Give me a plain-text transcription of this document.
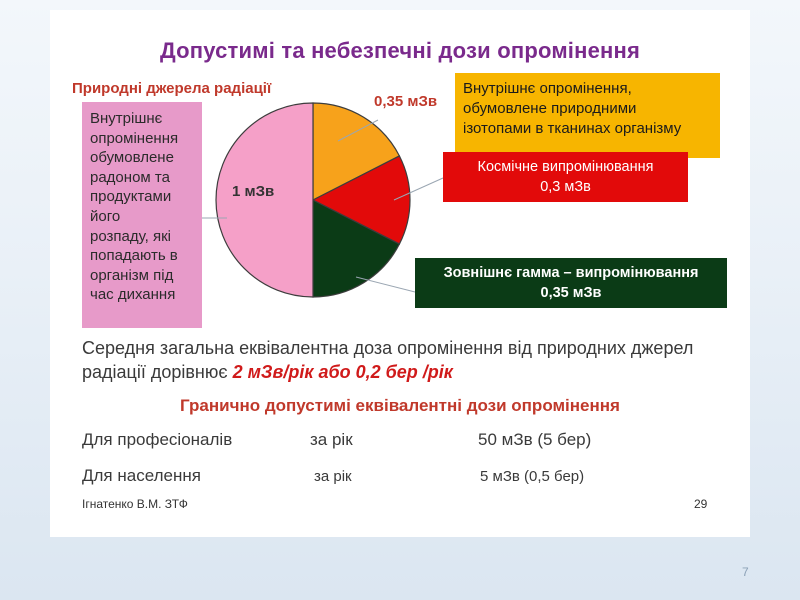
Допустимі та небезпечні дози опромінення
Природні джерела радіації
Внутрішнє
опромінення
обумовлене
радоном та
продуктами
його
розпаду, які
попадають в
організм під
час дихання
1 мЗв
0,35 мЗв
Внутрішнє опромінення,
обумовлене природними
ізотопами в тканинах організму
Космічне випромінювання
0,3 мЗв
Зовнішнє гамма – випромінювання
0,35 мЗв
Середня загальна еквівалентна доза опромінення від природних джерел радіації дорівнює 2 мЗв/рік або 0,2 бер /рік
Гранично допустимі еквівалентні дози опромінення
Для професіоналів	за рік	50 мЗв (5 бер)
Для населення	за рік	5 мЗв (0,5 бер)
Ігнатенко В.М. ЗТФ	29
7
